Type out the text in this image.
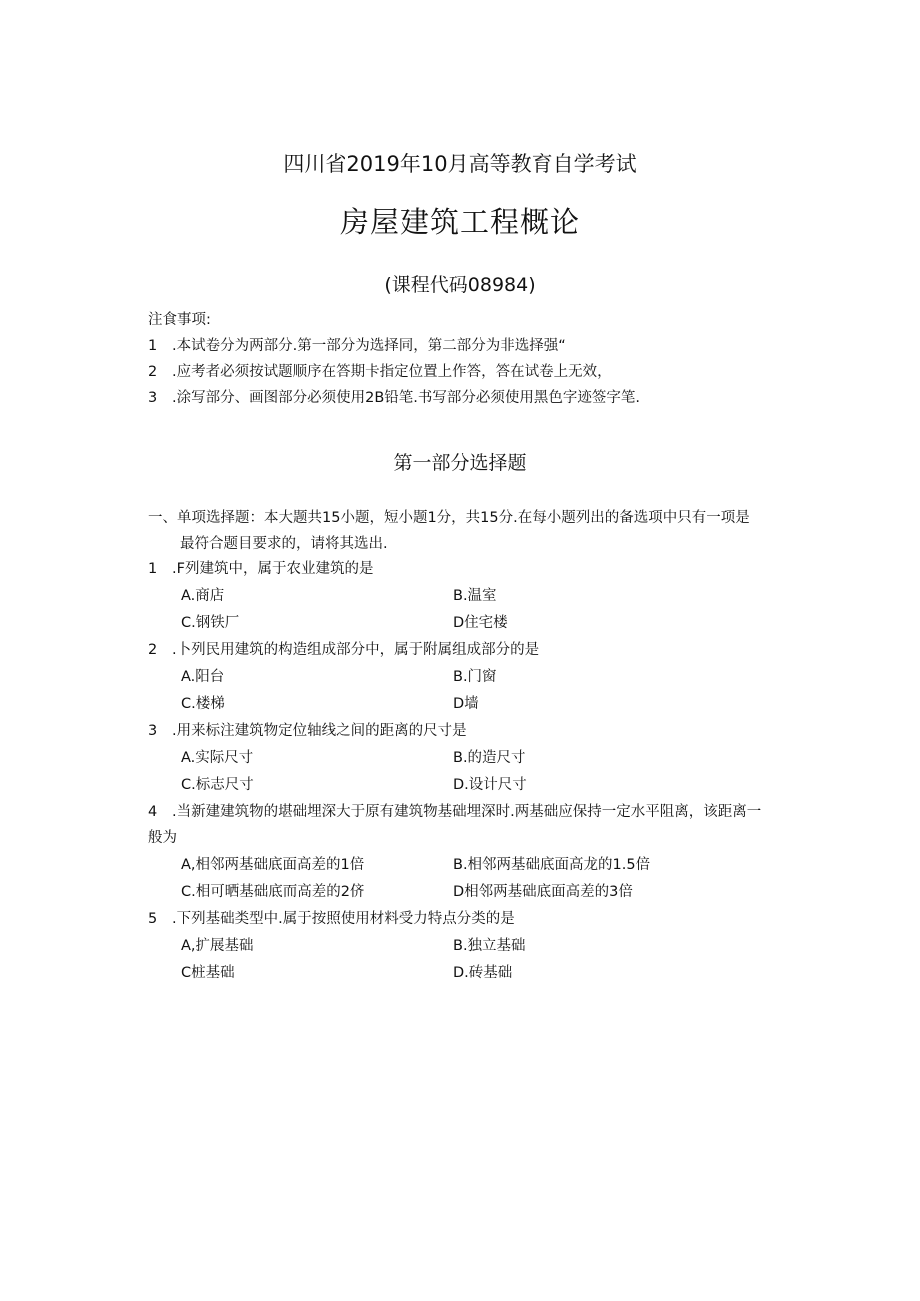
四川省2019年10月高等教育自学考试
房屋建筑工程概论
(课程代码08984)
注食事项:
1 .本试卷分为两部分.第一部分为选择同，第二部分为非选择强“
2 .应考者必须按试题顺序在答期卡指定位置上作答，答在试卷上无效，
3 .涂写部分、画图部分必须使用2B铅笔.书写部分必须使用黑色字迹签字笔.
第一部分选择题
一、单项选择题：本大题共15小题，短小题1分，共15分.在每小题列出的备选项中只有一项是
最符合题目要求的，请将其选出.
1 .F列建筑中，属于农业建筑的是
A.商店	B.温室
C.钢铁厂	D住宅楼
2 .卜列民用建筑的构造组成部分中，属于附属组成部分的是
A.阳台	B.门窗
C.楼梯	D墙
3 .用来标注建筑物定位轴线之间的距离的尺寸是
A.实际尺寸	B.的造尺寸
C.标志尺寸	D.设计尺寸
4 .当新建建筑物的堪础埋深大于原有建筑物基础埋深时.两基础应保持一定水平阻离，该距离一般为
A,相邻两基础底面高差的1倍	B.相邻两基础底面高龙的1.5倍
C.相可晒基础底而高差的2侪	D相邻两基础底面高差的3倍
5 .下列基础类型中.属于按照使用材料受力特点分类的是
A,扩展基础	B.独立基础
C桩基础	D.砖基础
